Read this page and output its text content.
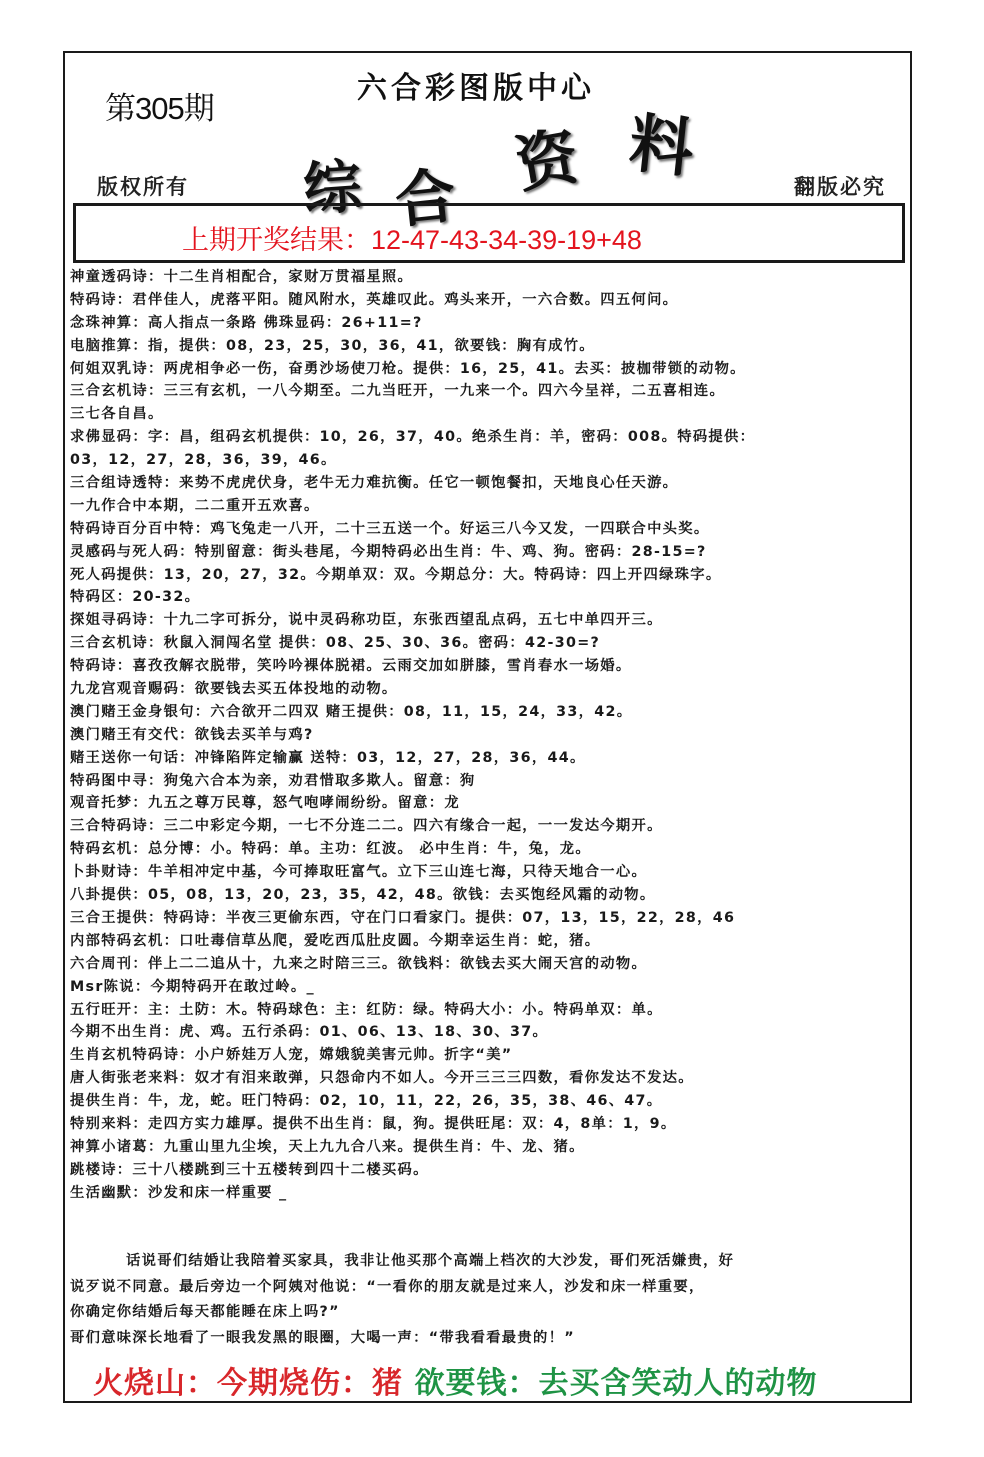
第305期
六合彩图版中心
综 合 资 料
版权所有	翻版必究
上期开奖结果：12-47-43-34-39-19+48
神童透码诗：十二生肖相配合，家财万贯福星照。
特码诗：君伴佳人，虎落平阳。随风附水，英雄叹此。鸡头来开，一六合数。四五何问。
念珠神算：高人指点一条路 佛珠显码：26+11=?
电脑推算：指，提供：08，23，25，30，36，41，欲要钱：胸有成竹。
何姐双乳诗：两虎相争必一伤，奋勇沙场使刀枪。提供：16，25，41。去买：披枷带锁的动物。
三合玄机诗：三三有玄机，一八今期至。二九当旺开，一九来一个。四六今呈祥，二五喜相连。
三七各自昌。
求佛显码：字：昌，组码玄机提供：10，26，37，40。绝杀生肖：羊，密码：008。特码提供：
03，12，27，28，36，39，46。
三合组诗透特：来势不虎虎伏身，老牛无力难抗衡。任它一顿饱餐扣，天地良心任天游。
一九作合中本期，二二重开五欢喜。
特码诗百分百中特：鸡飞兔走一八开，二十三五送一个。好运三八今又发，一四联合中头奖。
灵感码与死人码：特别留意：街头巷尾，今期特码必出生肖：牛、鸡、狗。密码：28-15=?
死人码提供：13，20，27，32。今期单双：双。今期总分：大。特码诗：四上开四绿珠字。
特码区：20-32。
探姐寻码诗：十九二字可拆分，说中灵码称功臣，东张西望乱点码，五七中单四开三。
三合玄机诗：秋鼠入洞闯名堂 提供：08、25、30、36。密码：42-30=?
特码诗：喜孜孜解衣脱带，笑吟吟裸体脱裙。云雨交加如胼膝，雪肖春水一场婚。
九龙宫观音赐码：欲要钱去买五体投地的动物。
澳门赌王金身银句：六合欲开二四双 赌王提供：08，11，15，24，33，42。
澳门赌王有交代：欲钱去买羊与鸡?
赌王送你一句话：冲锋陷阵定输赢 送特：03，12，27，28，36，44。
特码图中寻：狗兔六合本为亲，劝君惜取多欺人。留意：狗
观音托梦：九五之尊万民尊，怒气咆哮闹纷纷。留意：龙
三合特码诗：三二中彩定今期，一七不分连二二。四六有缘合一起，一一发达今期开。
特码玄机：总分博：小。特码：单。主功：红波。 必中生肖：牛，兔，龙。
卜卦财诗：牛羊相冲定中基，今可捧取旺富气。立下三山连七海，只待天地合一心。
八卦提供：05，08，13，20，23，35，42，48。欲钱：去买饱经风霜的动物。
三合王提供：特码诗：半夜三更偷东西，守在门口看家门。提供：07，13，15，22，28，46
内部特码玄机：口吐毒信草丛爬，爱吃西瓜肚皮圆。今期幸运生肖：蛇，猪。
六合周刊：伴上二二追从十，九来之时陪三三。欲钱料：欲钱去买大闹天宫的动物。
Msr陈说：今期特码开在敢过岭。_
五行旺开：主：土防：木。特码球色：主：红防：绿。特码大小：小。特码单双：单。
今期不出生肖：虎、鸡。五行杀码：01、06、13、18、30、37。
生肖玄机特码诗：小户娇娃万人宠，嫦娥貌美害元帅。折字“美”
唐人街张老来料：奴才有泪来敢弹，只怨命内不如人。今开三三三四数，看你发达不发达。
提供生肖：牛，龙，蛇。旺门特码：02，10，11，22，26，35，38、46、47。
特别来料：走四方实力雄厚。提供不出生肖：鼠，狗。提供旺尾：双：4，8单：1，9。
神算小诸葛：九重山里九尘埃，天上九九合八来。提供生肖：牛、龙、猪。
跳楼诗：三十八楼跳到三十五楼转到四十二楼买码。
生活幽默：沙发和床一样重要 _
话说哥们结婚让我陪着买家具，我非让他买那个高端上档次的大沙发，哥们死活嫌贵，好
说歹说不同意。最后旁边一个阿姨对他说：“一看你的朋友就是过来人，沙发和床一样重要，
你确定你结婚后每天都能睡在床上吗?”
哥们意味深长地看了一眼我发黑的眼圈，大喝一声：“带我看看最贵的！”
火烧山：今期烧伤：猪 欲要钱：去买含笑动人的动物
